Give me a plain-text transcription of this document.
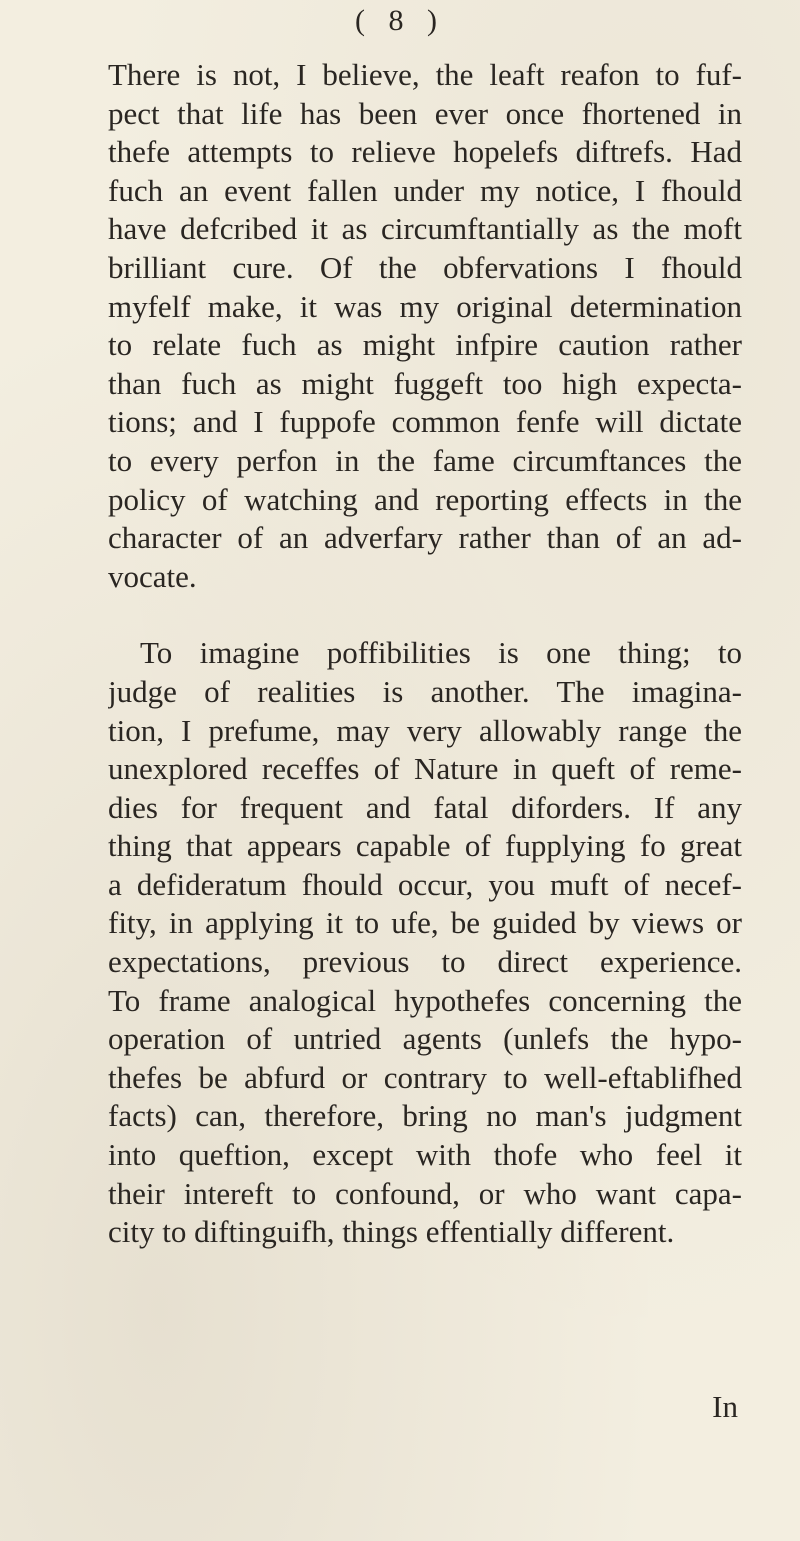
( 8 )

There is not, I believe, the leaft reafon to fuf-
pect that life has been ever once fhortened in
thefe attempts to relieve hopelefs diftrefs. Had
fuch an event fallen under my notice, I fhould
have defcribed it as circumftantially as the moft
brilliant cure. Of the obfervations I fhould
myfelf make, it was my original determination
to relate fuch as might infpire caution rather
than fuch as might fuggeft too high expecta-
tions; and I fuppofe common fenfe will dictate
to every perfon in the fame circumftances the
policy of watching and reporting effects in the
character of an adverfary rather than of an ad-
vocate.
To imagine poffibilities is one thing; to
judge of realities is another. The imagina-
tion, I prefume, may very allowably range the
unexplored receffes of Nature in queft of reme-
dies for frequent and fatal diforders. If any
thing that appears capable of fupplying fo great
a defideratum fhould occur, you muft of necef-
fity, in applying it to ufe, be guided by views or
expectations, previous to direct experience.
To frame analogical hypothefes concerning the
operation of untried agents (unlefs the hypo-
thefes be abfurd or contrary to well-eftablifhed
facts) can, therefore, bring no man's judgment
into queftion, except with thofe who feel it
their intereft to confound, or who want capa-
city to diftinguifh, things effentially different.

In
